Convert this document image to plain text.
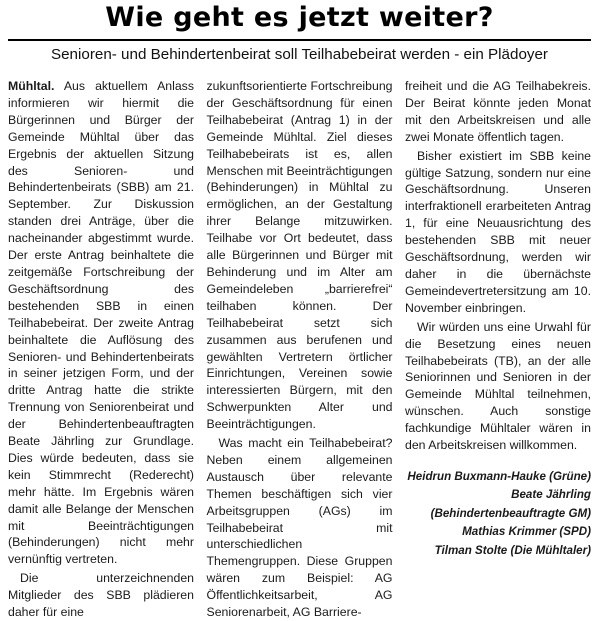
Wie geht es jetzt weiter?
Senioren- und Behindertenbeirat soll Teilhabebeirat werden - ein Plädoyer

Mühltal. Aus aktuellem Anlass informieren wir hiermit die Bürgerinnen und Bürger der Gemeinde Mühltal über das Ergebnis der aktuellen Sitzung des Senioren- und Behindertenbeirats (SBB) am 21. September. Zur Diskussion standen drei Anträge, über die nacheinander abgestimmt wurde. Der erste Antrag beinhaltete die zeitgemäße Fortschreibung der Geschäftsordnung des bestehenden SBB in einen Teilhabebeirat. Der zweite Antrag beinhaltete die Auflösung des Senioren- und Behindertenbeirats in seiner jetzigen Form, und der dritte Antrag hatte die strikte Trennung von Seniorenbeirat und der Behindertenbeauftragten Beate Jährling zur Grundlage. Dies würde bedeuten, dass sie kein Stimmrecht (Rederecht) mehr hätte. Im Ergebnis wären damit alle Belange der Menschen mit Beeinträchtigungen (Behinderungen) nicht mehr vernünftig vertreten.

Die unterzeichnenden Mitglieder des SBB plädieren daher für eine

zukunftsorientierte Fortschreibung der Geschäftsordnung für einen Teilhabebeirat (Antrag 1) in der Gemeinde Mühltal. Ziel dieses Teilhabebeirats ist es, allen Menschen mit Beeinträchtigungen (Behinderungen) in Mühltal zu ermöglichen, an der Gestaltung ihrer Belange mitzuwirken. Teilhabe vor Ort bedeutet, dass alle Bürgerinnen und Bürger mit Behinderung und im Alter am Gemeindeleben „barrierefrei“ teilhaben können. Der Teilhabebeirat setzt sich zusammen aus berufenen und gewählten Vertretern örtlicher Einrichtungen, Vereinen sowie interessierten Bürgern, mit den Schwerpunkten Alter und Beeinträchtigungen.

Was macht ein Teilhabebeirat? Neben einem allgemeinen Austausch über relevante Themen beschäftigen sich vier Arbeitsgruppen (AGs) im Teilhabebeirat mit unterschiedlichen Themengruppen. Diese Gruppen wären zum Beispiel: AG Öffentlichkeitsarbeit, AG Seniorenarbeit, AG Barriere-

freiheit und die AG Teilhabekreis. Der Beirat könnte jeden Monat mit den Arbeitskreisen und alle zwei Monate öffentlich tagen.

Bisher existiert im SBB keine gültige Satzung, sondern nur eine Geschäftsordnung. Unseren interfraktionell erarbeiteten Antrag 1, für eine Neuausrichtung des bestehenden SBB mit neuer Geschäftsordnung, werden wir daher in die übernächste Gemeindevertretersitzung am 10. November einbringen.

Wir würden uns eine Urwahl für die Besetzung eines neuen Teilhabebeirats (TB), an der alle Seniorinnen und Senioren in der Gemeinde Mühltal teilnehmen, wünschen. Auch sonstige fachkundige Mühltaler wären in den Arbeitskreisen willkommen.

Heidrun Buxmann-Hauke (Grüne)
Beate Jährling
(Behindertenbeauftragte GM)
Mathias Krimmer (SPD)
Tilman Stolte (Die Mühltaler)
